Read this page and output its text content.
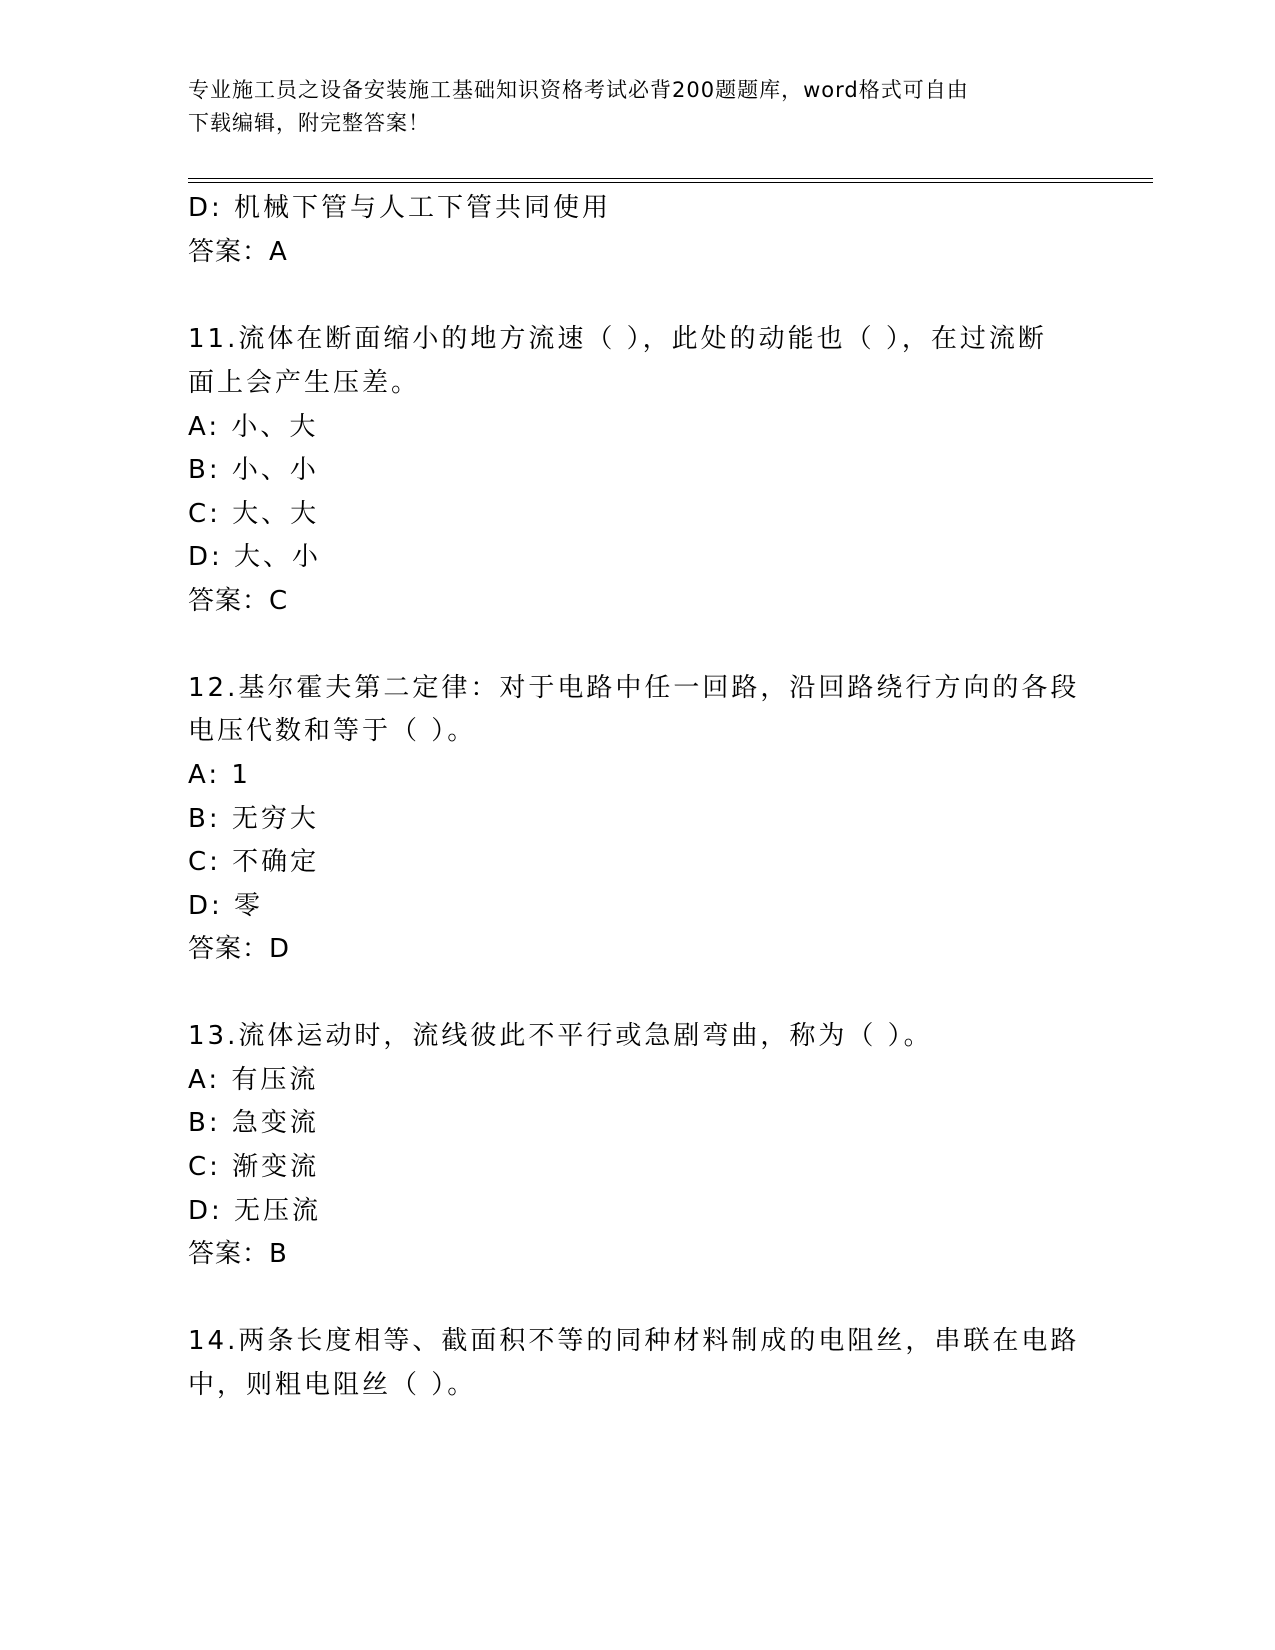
专业施工员之设备安装施工基础知识资格考试必背200题题库，word格式可自由
下载编辑，附完整答案！
D: 机械下管与人工下管共同使用
答案：A
11.流体在断面缩小的地方流速（ ），此处的动能也（ ），在过流断
面上会产生压差。
A: 小、大
B: 小、小
C: 大、大
D: 大、小
答案：C
12.基尔霍夫第二定律：对于电路中任一回路，沿回路绕行方向的各段
电压代数和等于（ ）。
A: 1
B: 无穷大
C: 不确定
D: 零
答案：D
13.流体运动时，流线彼此不平行或急剧弯曲，称为（ ）。
A: 有压流
B: 急变流
C: 渐变流
D: 无压流
答案：B
14.两条长度相等、截面积不等的同种材料制成的电阻丝，串联在电路
中，则粗电阻丝（ ）。
